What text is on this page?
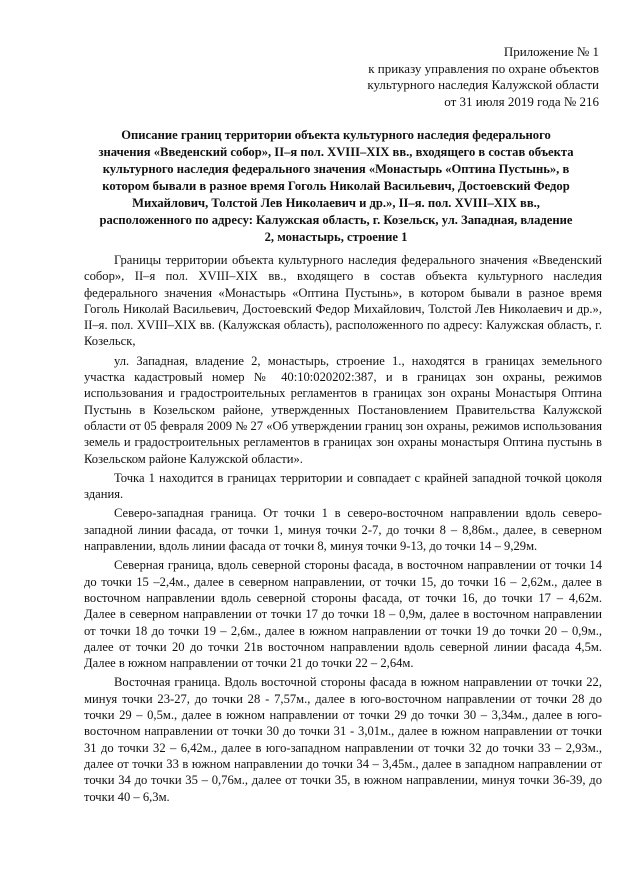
Приложение № 1
к приказу управления по охране объектов
культурного наследия Калужской области
от 31 июля 2019 года № 216
Описание границ территории объекта культурного наследия федерального значения «Введенский собор», II–я пол. XVIII–XIX вв., входящего в состав объекта культурного наследия федерального значения «Монастырь «Оптина Пустынь», в котором бывали в разное время Гоголь Николай Васильевич, Достоевский Федор Михайлович, Толстой Лев Николаевич и др.», II–я. пол. XVIII–XIX вв., расположенного по адресу: Калужская область, г. Козельск, ул. Западная, владение 2, монастырь, строение 1

Границы территории объекта культурного наследия федерального значения «Введенский собор», II–я пол. XVIII–XIX вв., входящего в состав объекта культурного наследия федерального значения «Монастырь «Оптина Пустынь», в котором бывали в разное время Гоголь Николай Васильевич, Достоевский Федор Михайлович, Толстой Лев Николаевич и др.», II–я. пол. XVIII–XIX вв. (Калужская область), расположенного по адресу: Калужская область, г. Козельск,

ул. Западная, владение 2, монастырь, строение 1., находятся в границах земельного участка кадастровый номер № 40:10:020202:387, и в границах зон охраны, режимов использования и градостроительных регламентов в границах зон охраны Монастыря Оптина Пустынь в Козельском районе, утвержденных Постановлением Правительства Калужской области от 05 февраля 2009 № 27 «Об утверждении границ зон охраны, режимов использования земель и градостроительных регламентов в границах зон охраны монастыря Оптина пустынь в Козельском районе Калужской области».

Точка 1 находится в границах территории и совпадает с крайней западной точкой цоколя здания.

Северо-западная граница. От точки 1 в северо-восточном направлении вдоль северо-западной линии фасада, от точки 1, минуя точки 2-7, до точки 8 – 8,86м., далее, в северном направлении, вдоль линии фасада от точки 8, минуя точки 9-13, до точки 14 – 9,29м.

Северная граница, вдоль северной стороны фасада, в восточном направлении от точки 14 до точки 15 –2,4м., далее в северном направлении, от точки 15, до точки 16 – 2,62м., далее в восточном направлении вдоль северной стороны фасада, от точки 16, до точки 17 – 4,62м. Далее в северном направлении от точки 17 до точки 18 – 0,9м, далее в восточном направлении от точки 18 до точки 19 – 2,6м., далее в южном направлении от точки 19 до точки 20 – 0,9м., далее от точки 20 до точки 21в восточном направлении вдоль северной линии фасада 4,5м. Далее в южном направлении от точки 21 до точки 22 – 2,64м.

Восточная граница. Вдоль восточной стороны фасада в южном направлении от точки 22, минуя точки 23-27, до точки 28 - 7,57м., далее в юго-восточном направлении от точки 28 до точки 29 – 0,5м., далее в южном направлении от точки 29 до точки 30 – 3,34м., далее в юго-восточном направлении от точки 30 до точки 31 - 3,01м., далее в южном направлении от точки 31 до точки 32 – 6,42м., далее в юго-западном направлении от точки 32 до точки 33 – 2,93м., далее от точки 33 в южном направлении до точки 34 – 3,45м., далее в западном направлении от точки 34 до точки 35 – 0,76м., далее от точки 35, в южном направлении, минуя точки 36-39, до точки 40 – 6,3м.
